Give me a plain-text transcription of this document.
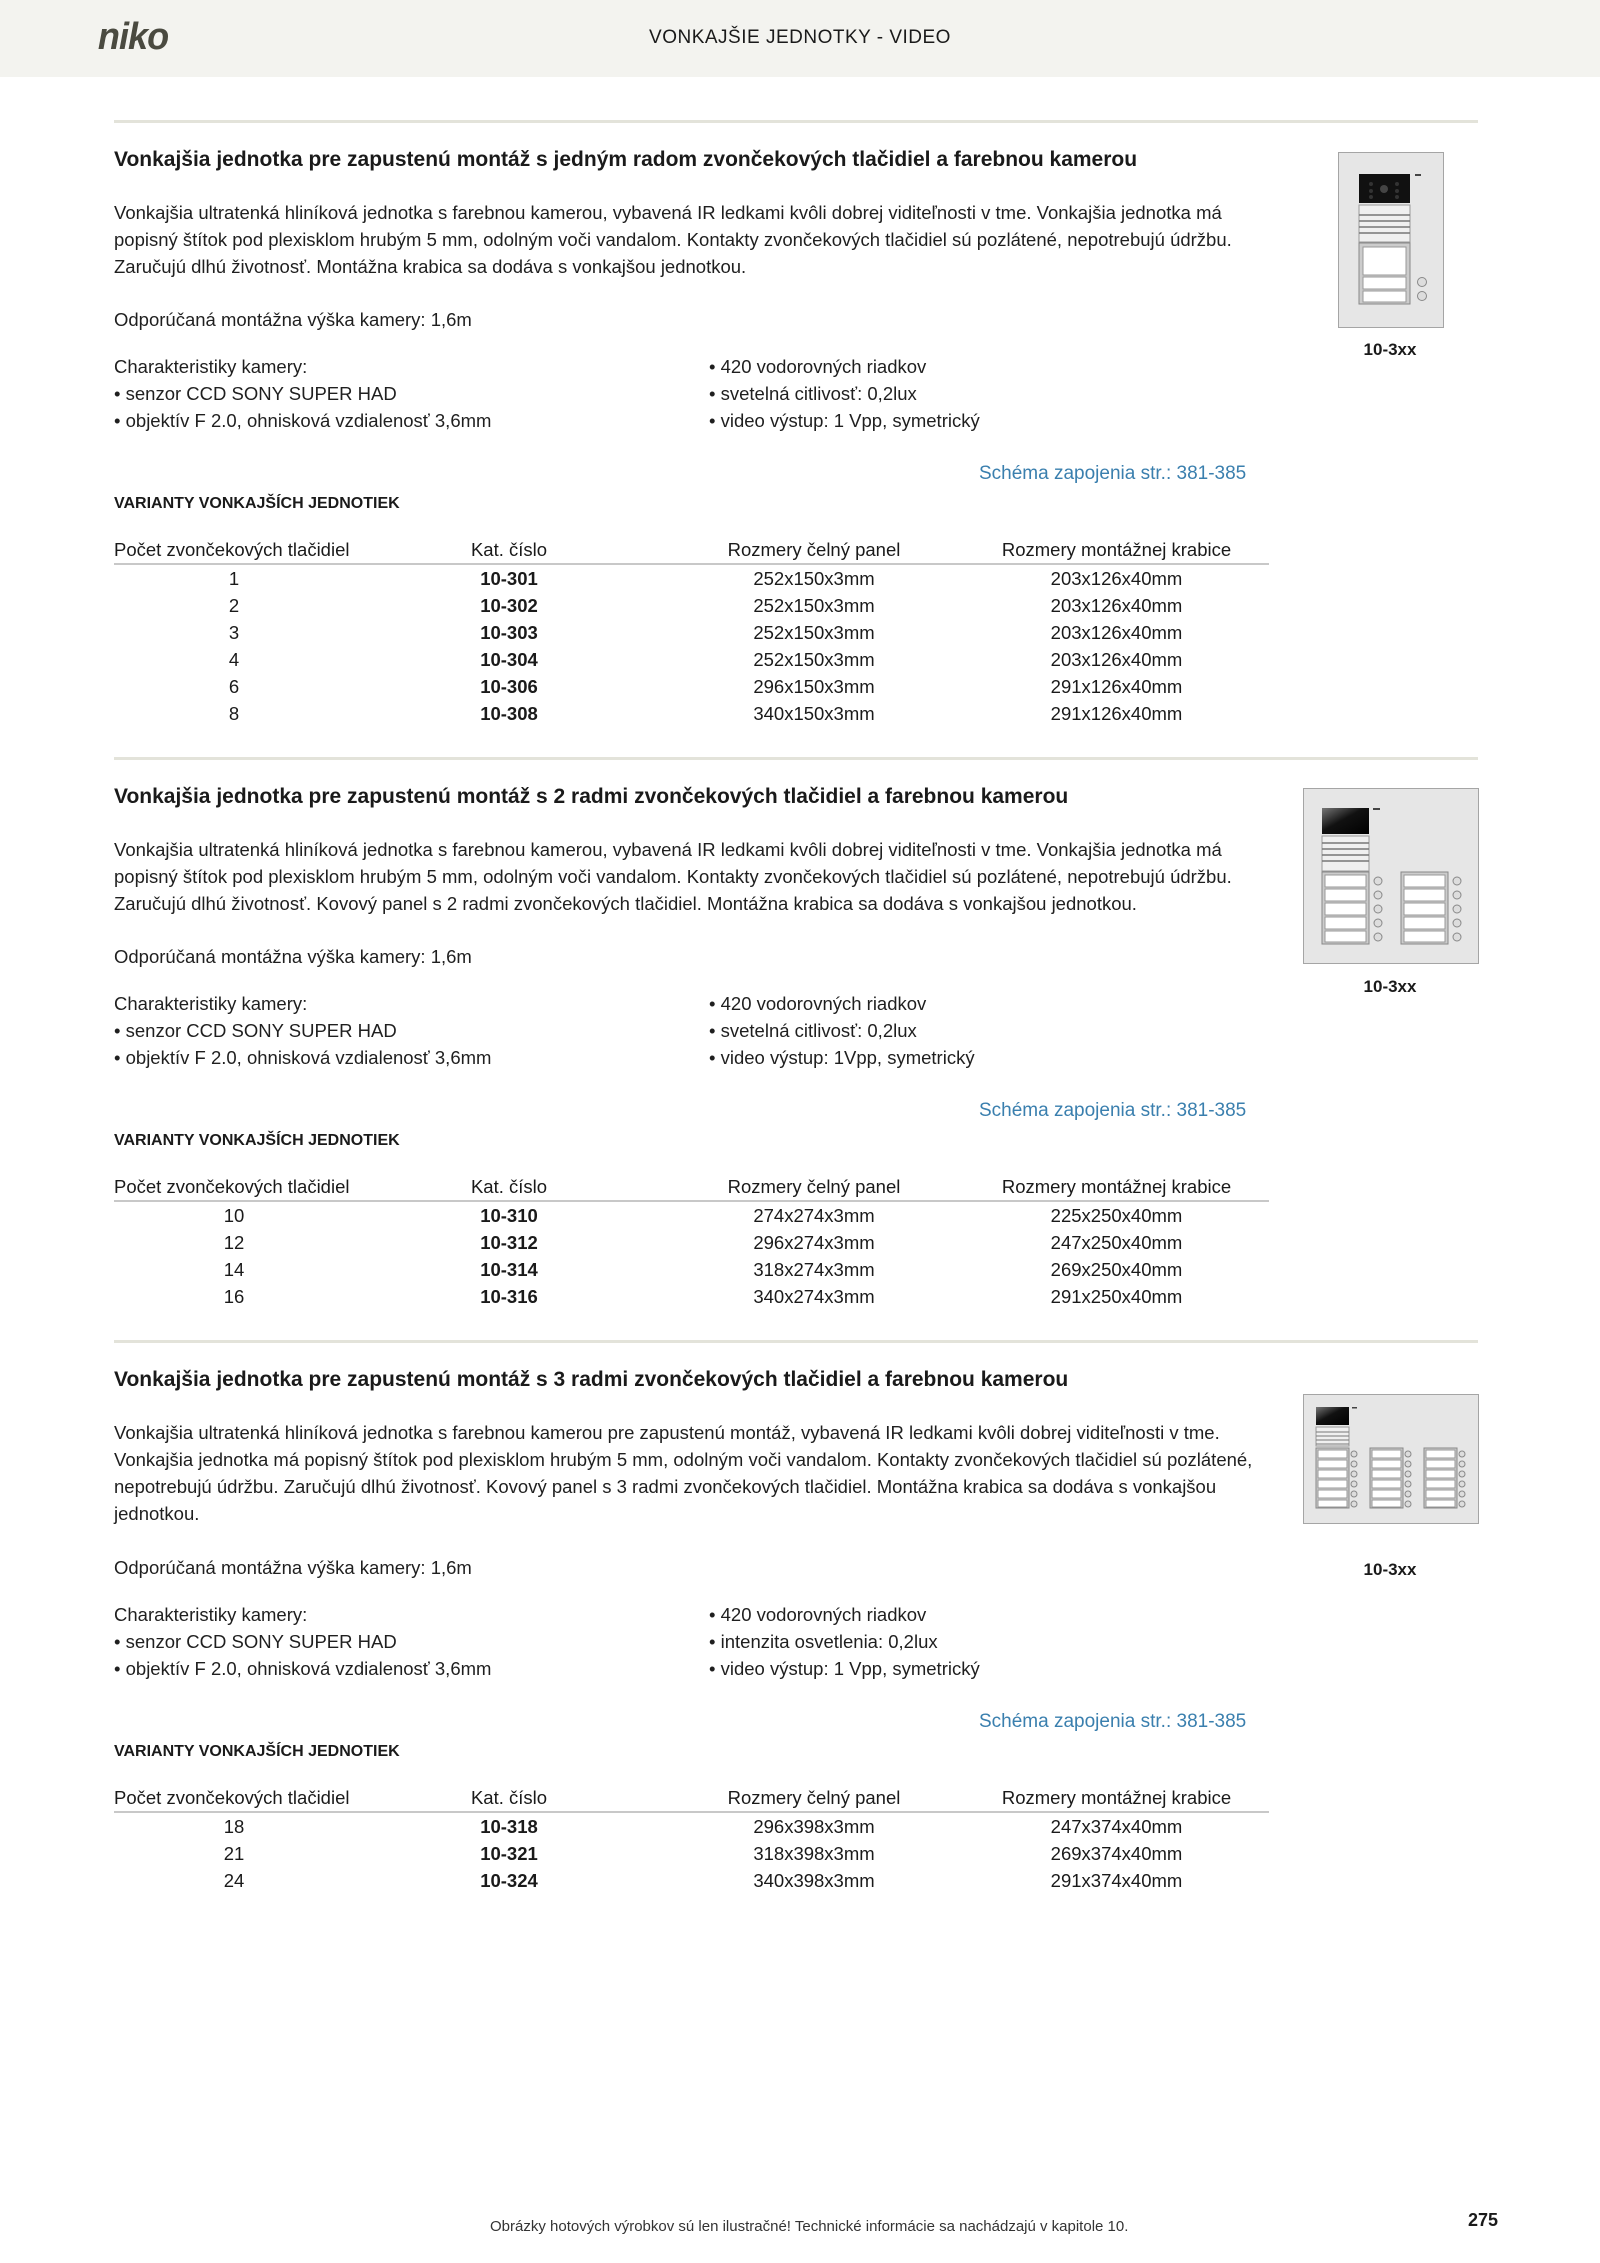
niko	VONKAJŠIE JEDNOTKY - VIDEO
Vonkajšia jednotka pre zapustenú montáž s jedným radom zvončekových tlačidiel a farebnou kamerou
Vonkajšia ultratenká hliníková jednotka s farebnou kamerou, vybavená IR ledkami kvôli dobrej viditeľnosti v tme. Vonkajšia jednotka má popisný štítok pod plexisklom hrubým 5 mm, odolným voči vandalom. Kontakty zvončekových tlačidiel sú pozlátené, nepotrebujú údržbu. Zaručujú dlhú životnosť. Montážna krabica sa dodáva s vonkajšou jednotkou.
Odporúčaná montážna výška kamery: 1,6m
Charakteristiky kamery:
• senzor CCD SONY SUPER HAD
• objektív F 2.0, ohnisková vzdialenosť 3,6mm
• 420 vodorovných riadkov
• svetelná citlivosť: 0,2lux
• video výstup: 1 Vpp, symetrický
Schéma zapojenia str.: 381-385
VARIANTY VONKAJŠÍCH JEDNOTIEK
Počet zvončekových tlačidiel	Kat. číslo	Rozmery čelný panel	Rozmery montážnej krabice
1	10-301	252x150x3mm	203x126x40mm
2	10-302	252x150x3mm	203x126x40mm
3	10-303	252x150x3mm	203x126x40mm
4	10-304	252x150x3mm	203x126x40mm
6	10-306	296x150x3mm	291x126x40mm
8	10-308	340x150x3mm	291x126x40mm
10-3xx
Vonkajšia jednotka pre zapustenú montáž s 2 radmi zvončekových tlačidiel a farebnou kamerou
Vonkajšia ultratenká hliníková jednotka s farebnou kamerou, vybavená IR ledkami kvôli dobrej viditeľnosti v tme. Vonkajšia jednotka má popisný štítok pod plexisklom hrubým 5 mm, odolným voči vandalom. Kontakty zvončekových tlačidiel sú pozlátené, nepotrebujú údržbu. Zaručujú dlhú životnosť. Kovový panel s 2 radmi zvončekových tlačidiel. Montážna krabica sa dodáva s vonkajšou jednotkou.
Odporúčaná montážna výška kamery: 1,6m
Charakteristiky kamery:
• senzor CCD SONY SUPER HAD
• objektív F 2.0, ohnisková vzdialenosť 3,6mm
• 420 vodorovných riadkov
• svetelná citlivosť: 0,2lux
• video výstup: 1Vpp, symetrický
Schéma zapojenia str.: 381-385
VARIANTY VONKAJŠÍCH JEDNOTIEK
Počet zvončekových tlačidiel	Kat. číslo	Rozmery čelný panel	Rozmery montážnej krabice
10	10-310	274x274x3mm	225x250x40mm
12	10-312	296x274x3mm	247x250x40mm
14	10-314	318x274x3mm	269x250x40mm
16	10-316	340x274x3mm	291x250x40mm
10-3xx
Vonkajšia jednotka pre zapustenú montáž s 3 radmi zvončekových tlačidiel a farebnou kamerou
Vonkajšia ultratenká hliníková jednotka s farebnou kamerou pre zapustenú montáž, vybavená IR ledkami kvôli dobrej viditeľnosti v tme. Vonkajšia jednotka má popisný štítok pod plexisklom hrubým 5 mm, odolným voči vandalom. Kontakty zvončekových tlačidiel sú pozlátené, nepotrebujú údržbu. Zaručujú dlhú životnosť. Kovový panel s 3 radmi zvončekových tlačidiel. Montážna krabica sa dodáva s vonkajšou jednotkou.
Odporúčaná montážna výška kamery: 1,6m
Charakteristiky kamery:
• senzor CCD SONY SUPER HAD
• objektív F 2.0, ohnisková vzdialenosť 3,6mm
• 420 vodorovných riadkov
• intenzita osvetlenia: 0,2lux
• video výstup: 1 Vpp, symetrický
Schéma zapojenia str.: 381-385
VARIANTY VONKAJŠÍCH JEDNOTIEK
Počet zvončekových tlačidiel	Kat. číslo	Rozmery čelný panel	Rozmery montážnej krabice
18	10-318	296x398x3mm	247x374x40mm
21	10-321	318x398x3mm	269x374x40mm
24	10-324	340x398x3mm	291x374x40mm
10-3xx
Obrázky hotových výrobkov sú len ilustračné! Technické informácie sa nachádzajú v kapitole 10.	275
